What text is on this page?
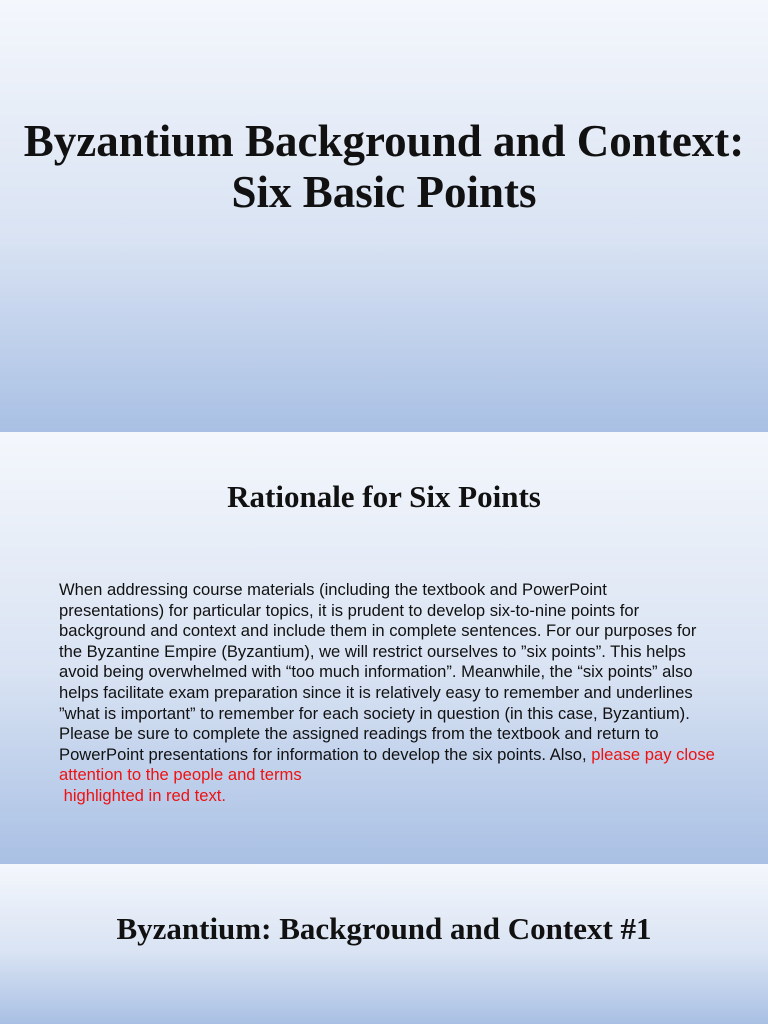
Byzantium Background and Context: Six Basic Points
Rationale for Six Points

When addressing course materials (including the textbook and PowerPoint presentations) for particular topics, it is prudent to develop six-to-nine points for background and context and include them in complete sentences. For our purposes for the Byzantine Empire (Byzantium), we will restrict ourselves to ”six points”. This helps avoid being overwhelmed with “too much information”. Meanwhile, the “six points” also helps facilitate exam preparation since it is relatively easy to remember and underlines ”what is important” to remember for each society in question (in this case, Byzantium). Please be sure to complete the assigned readings from the textbook and return to PowerPoint presentations for information to develop the six points. Also, please pay close attention to the people and terms
highlighted in red text.

Byzantium: Background and Context #1
